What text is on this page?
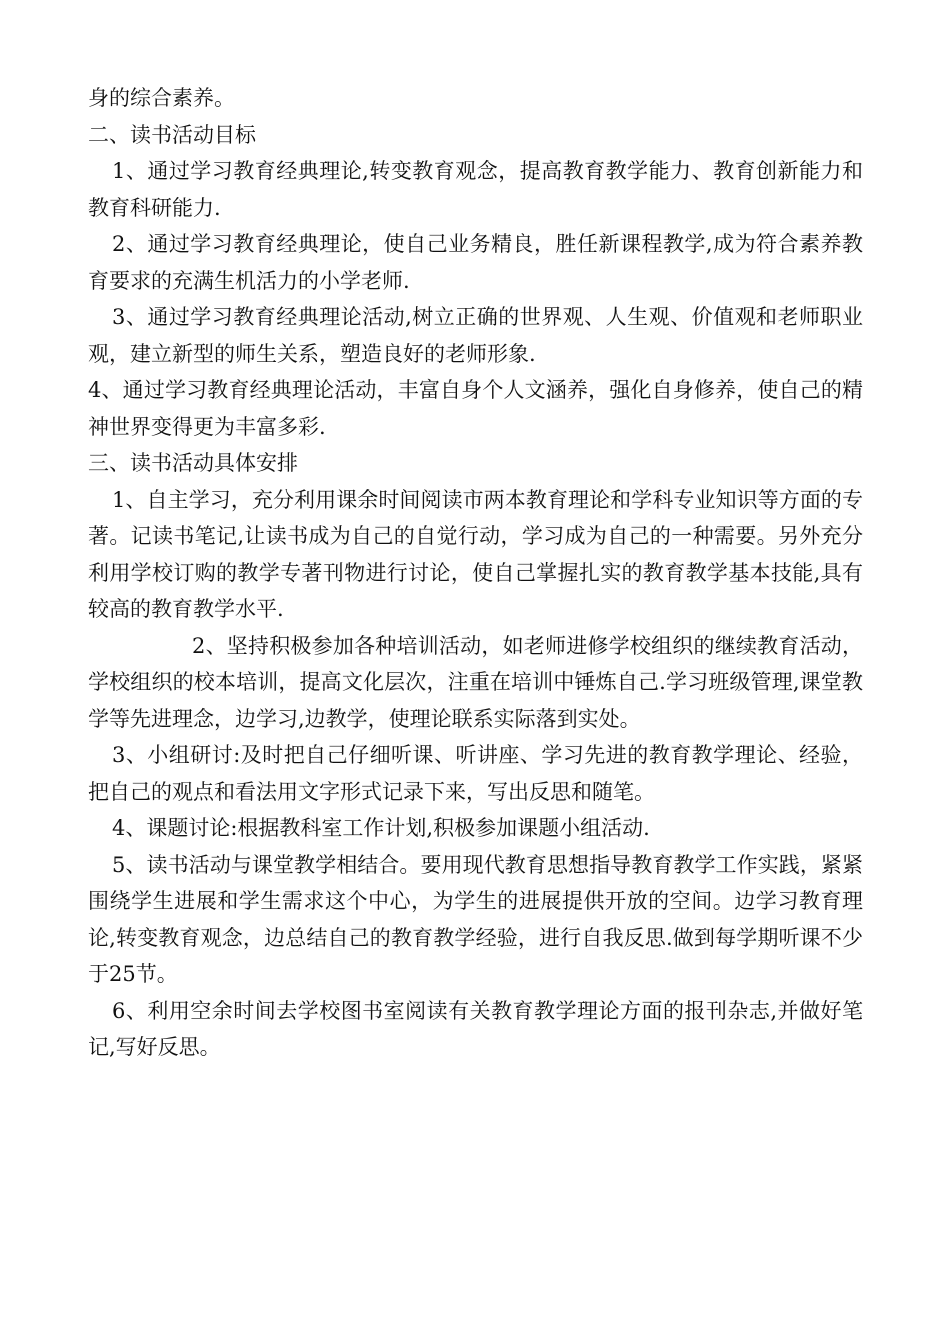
身的综合素养。

二、读书活动目标

1、通过学习教育经典理论,转变教育观念，提高教育教学能力、教育创新能力和教育科研能力.

2、通过学习教育经典理论，使自己业务精良，胜任新课程教学,成为符合素养教育要求的充满生机活力的小学老师.

3、通过学习教育经典理论活动,树立正确的世界观、人生观、价值观和老师职业观，建立新型的师生关系，塑造良好的老师形象.

4、通过学习教育经典理论活动，丰富自身个人文涵养，强化自身修养，使自己的精神世界变得更为丰富多彩.

三、读书活动具体安排

1、自主学习，充分利用课余时间阅读市两本教育理论和学科专业知识等方面的专著。记读书笔记,让读书成为自己的自觉行动，学习成为自己的一种需要。另外充分利用学校订购的教学专著刊物进行讨论，使自己掌握扎实的教育教学基本技能,具有较高的教育教学水平.

2、坚持积极参加各种培训活动，如老师进修学校组织的继续教育活动，学校组织的校本培训，提高文化层次，注重在培训中锤炼自己.学习班级管理,课堂教学等先进理念，边学习,边教学，使理论联系实际落到实处。

3、小组研讨:及时把自己仔细听课、听讲座、学习先进的教育教学理论、经验，把自己的观点和看法用文字形式记录下来，写出反思和随笔。

4、课题讨论:根据教科室工作计划,积极参加课题小组活动.

5、读书活动与课堂教学相结合。要用现代教育思想指导教育教学工作实践，紧紧围绕学生进展和学生需求这个中心，为学生的进展提供开放的空间。边学习教育理论,转变教育观念，边总结自己的教育教学经验，进行自我反思.做到每学期听课不少于25节。

6、利用空余时间去学校图书室阅读有关教育教学理论方面的报刊杂志,并做好笔记,写好反思。
